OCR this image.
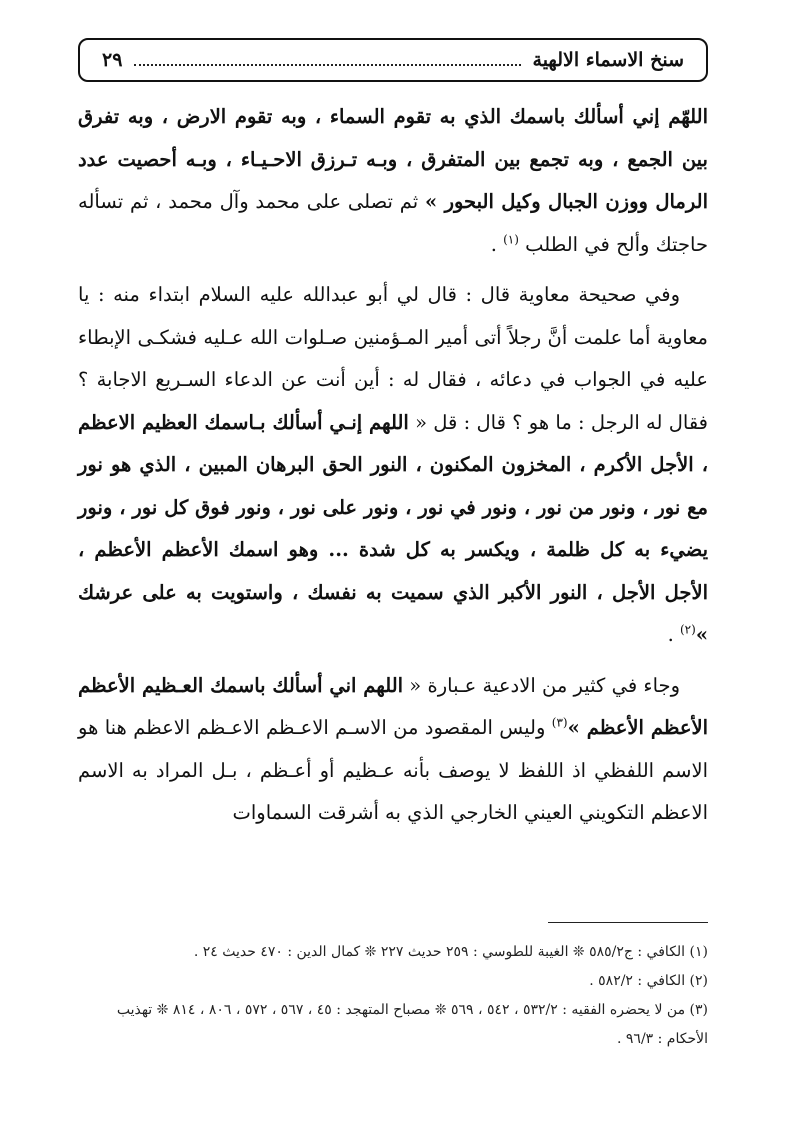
سنخ الاسماء الالهية
٢٩

اللهّم إني أسألك باسمك الذي به تقوم السماء ، وبه تقوم الارض ، وبه تفرق بين الجمع ، وبه تجمع بين المتفرق ، وبـه تـرزق الاحـيـاء ، وبـه أحصيت عدد الرمال ووزن الجبال وكيل البحور » ثم تصلى على محمد وآل محمد ، ثم تسأله حاجتك وألح في الطلب $^{(١)}$ .

وفي صحيحة معاوية قال : قال لي أبو عبدالله عليه السلام ابتداء منه : يا معاوية أما علمت أنَّ رجلاً أتى أمير المـؤمنين صـلوات الله عـليه فشكـى الإبطاء عليه في الجواب في دعائه ، فقال له : أين أنت عن الدعاء السـريع الاجابة ؟ فقال له الرجل : ما هو ؟ قال : قل « اللهم إنـي أسألك بـاسمك العظيم الاعظم ، الأجل الأكرم ، المخزون المكنون ، النور الحق البرهان المبين ، الذي هو نور مع نور ، ونور من نور ، ونور في نور ، ونور على نور ، ونور فوق كل نور ، ونور يضيء به كل ظلمة ، ويكسر به كل شدة ... وهو اسمك الأعظم الأعظم ، الأجل الأجل ، النور الأكبر الذي سميت به نفسك ، واستويت به على عرشك »$^{(٢)}$ .

وجاء في كثير من الادعية عـبارة « اللهم اني أسألك باسمك العـظيم الأعظم الأعظم الأعظم »$^{(٣)}$ وليس المقصود من الاسـم الاعـظم الاعـظم الاعظم هنا هو الاسم اللفظي اذ اللفظ لا يوصف بأنه عـظيم أو أعـظم ، بـل المراد به الاسم الاعظم التكويني العيني الخارجي الذي به أشرقت السماوات

(١) الكافي : ج٥٨٥/٢ ❊ الغيبة للطوسي : ٢٥٩ حديث ٢٢٧ ❊ كمال الدين : ٤٧٠ حديث ٢٤ .
(٢) الكافي : ٥٨٢/٢ .
(٣) من لا يحضره الفقيه : ٥٣٢/٢ ، ٥٤٢ ، ٥٦٩ ❊ مصباح المتهجد : ٤٥ ، ٥٦٧ ، ٥٧٢ ، ٨٠٦ ، ٨١٤ ❊ تهذيب الأحكام : ٩٦/٣ .
